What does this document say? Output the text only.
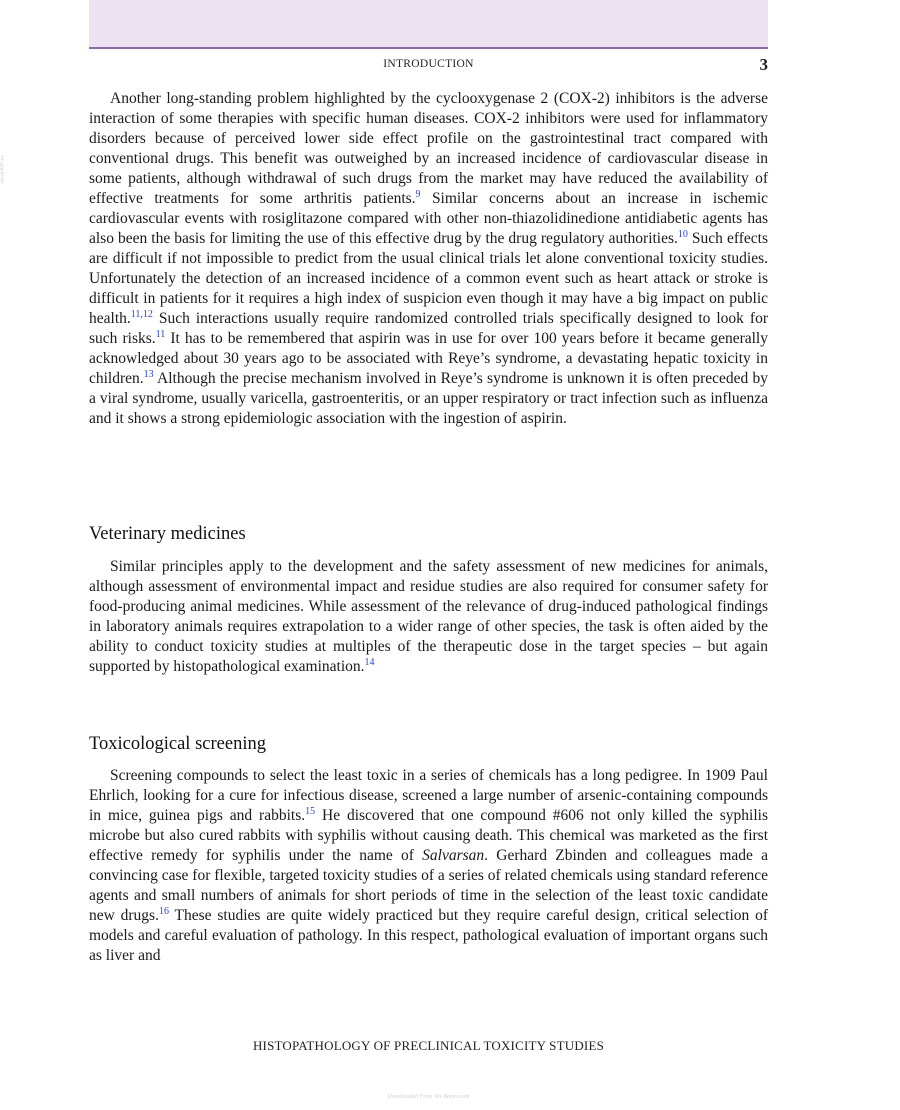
ebook3000.cn
INTRODUCTION	3

Another long-standing problem highlighted by the cyclooxygenase 2 (COX-2) inhibitors is the adverse interaction of some therapies with specific human diseases. COX-2 inhibitors were used for inflammatory disorders because of perceived lower side effect profile on the gastrointestinal tract compared with conventional drugs. This benefit was outweighed by an increased incidence of cardiovascular disease in some patients, although withdrawal of such drugs from the market may have reduced the availability of effective treatments for some arthritis patients.$^9$ Similar concerns about an increase in ischemic cardiovascular events with rosiglitazone compared with other non-thiazolidinedione antidiabetic agents has also been the basis for limiting the use of this effective drug by the drug regulatory authorities.$^{10}$ Such effects are difficult if not impossible to predict from the usual clinical trials let alone conventional toxicity studies. Unfortunately the detection of an increased incidence of a common event such as heart attack or stroke is difficult in patients for it requires a high index of suspicion even though it may have a big impact on public health.$^{11,12}$ Such interactions usually require randomized controlled trials specifically designed to look for such risks.$^{11}$ It has to be remembered that aspirin was in use for over 100 years before it became generally acknowledged about 30 years ago to be associated with Reye’s syndrome, a devastating hepatic toxicity in children.$^{13}$ Although the precise mechanism involved in Reye’s syndrome is unknown it is often preceded by a viral syndrome, usually varicella, gastroenteritis, or an upper respiratory or tract infection such as influenza and it shows a strong epidemiologic association with the ingestion of aspirin.

Veterinary medicines

Similar principles apply to the development and the safety assessment of new medicines for animals, although assessment of environmental impact and residue studies are also required for consumer safety for food-producing animal medicines. While assessment of the relevance of drug-induced pathological findings in laboratory animals requires extrapolation to a wider range of other species, the task is often aided by the ability to conduct toxicity studies at multiples of the therapeutic dose in the target species – but again supported by histopathological examination.$^{14}$

Toxicological screening

Screening compounds to select the least toxic in a series of chemicals has a long pedigree. In 1909 Paul Ehrlich, looking for a cure for infectious disease, screened a large number of arsenic-containing compounds in mice, guinea pigs and rabbits.$^{15}$ He discovered that one compound #606 not only killed the syphilis microbe but also cured rabbits with syphilis without causing death. This chemical was marketed as the first effective remedy for syphilis under the name of Salvarsan. Gerhard Zbinden and colleagues made a convincing case for flexible, targeted toxicity studies of a series of related chemicals using standard reference agents and small numbers of animals for short periods of time in the selection of the least toxic candidate new drugs.$^{16}$ These studies are quite widely practiced but they require careful design, critical selection of models and careful evaluation of pathology. In this respect, pathological evaluation of important organs such as liver and

HISTOPATHOLOGY OF PRECLINICAL TOXICITY STUDIES
Downloaded From Vet-Books.com
